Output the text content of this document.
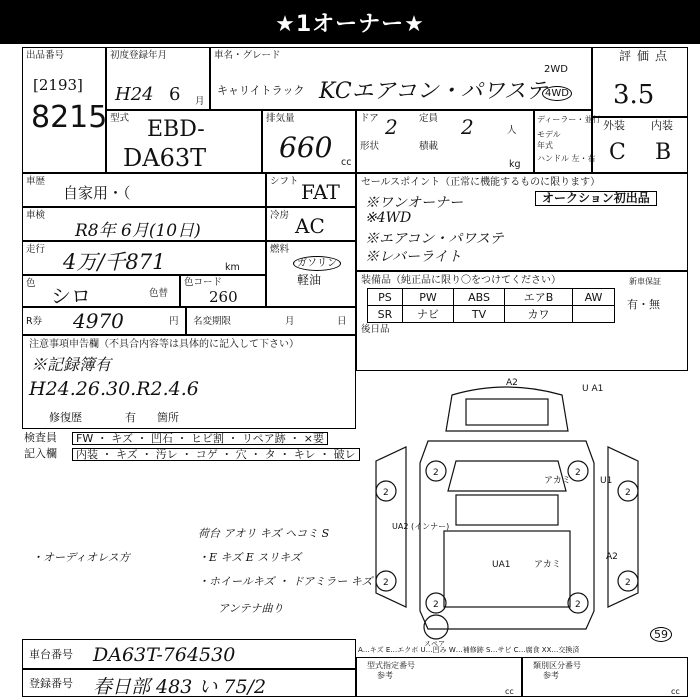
★1オーナー★
出品番号
[2193]
8215
初度登録年月
H24 6 月
車名・グレード
キャリイトラック KCエアコン・パワステ
2WD
4WD
評価点
3.5
型式 EBD-
DA63T
排気量
660 cc
ドア 2 定員 2	人
形状	積載
kg
ディーラー・並行
モデル年式
ハンドル 左・右
外装 内装
C B
車歴
自家用・（
シフト FAT セールスポイント（正常に機能するものに限ります）
※ワンオーナー
※4WD
※エアコン・パワステ
※レバーライト
オークション初出品
車検
R8年 6月(10日)
冷房 AC
走行
4万/千871	km
燃料
ガソリン
軽油
色
シロ
色コード
色替	260
装備品（純正品に限り〇をつけてください）	新車保証
有・無
PS	PW	ABS	エアB	AW
SR	ナビ	TV	カワ	
後日品
R券 4970	円 名変期限	月	日
注意事項申告欄（不具合内容等は具体的に記入して下さい）
※記録簿有
H24.26.30.R2.4.6
修復歴	有 箇所
検査員	FW ・ キズ ・ 凹石 ・ ヒビ割 ・ リペア跡 ・ ×要
記入欄	内装 ・ キズ ・ 汚レ ・ コゲ ・ 穴 ・ タ ・ キレ ・ 破レ
荷台 アオリ キズ ヘコミ S
・オーディオレス方	・E キズ E スリキズ
・ホイールキズ ・ ドアミラー キズ
アンテナ曲り
A2
U A1
アカミ	U1
UA2 (インナー)
UA1
A2
アカミ
2	2
2	2
2	2
2	2
スペア
59
A…キズ E…エクボ U…凹み W…補修跡 S…サビ C…腐食 XX…交換済
車台番号 DA63T-764530
登録番号 春日部 483 い 75/2
型式指定番号
参考
cc
類別区分番号
参考
cc
